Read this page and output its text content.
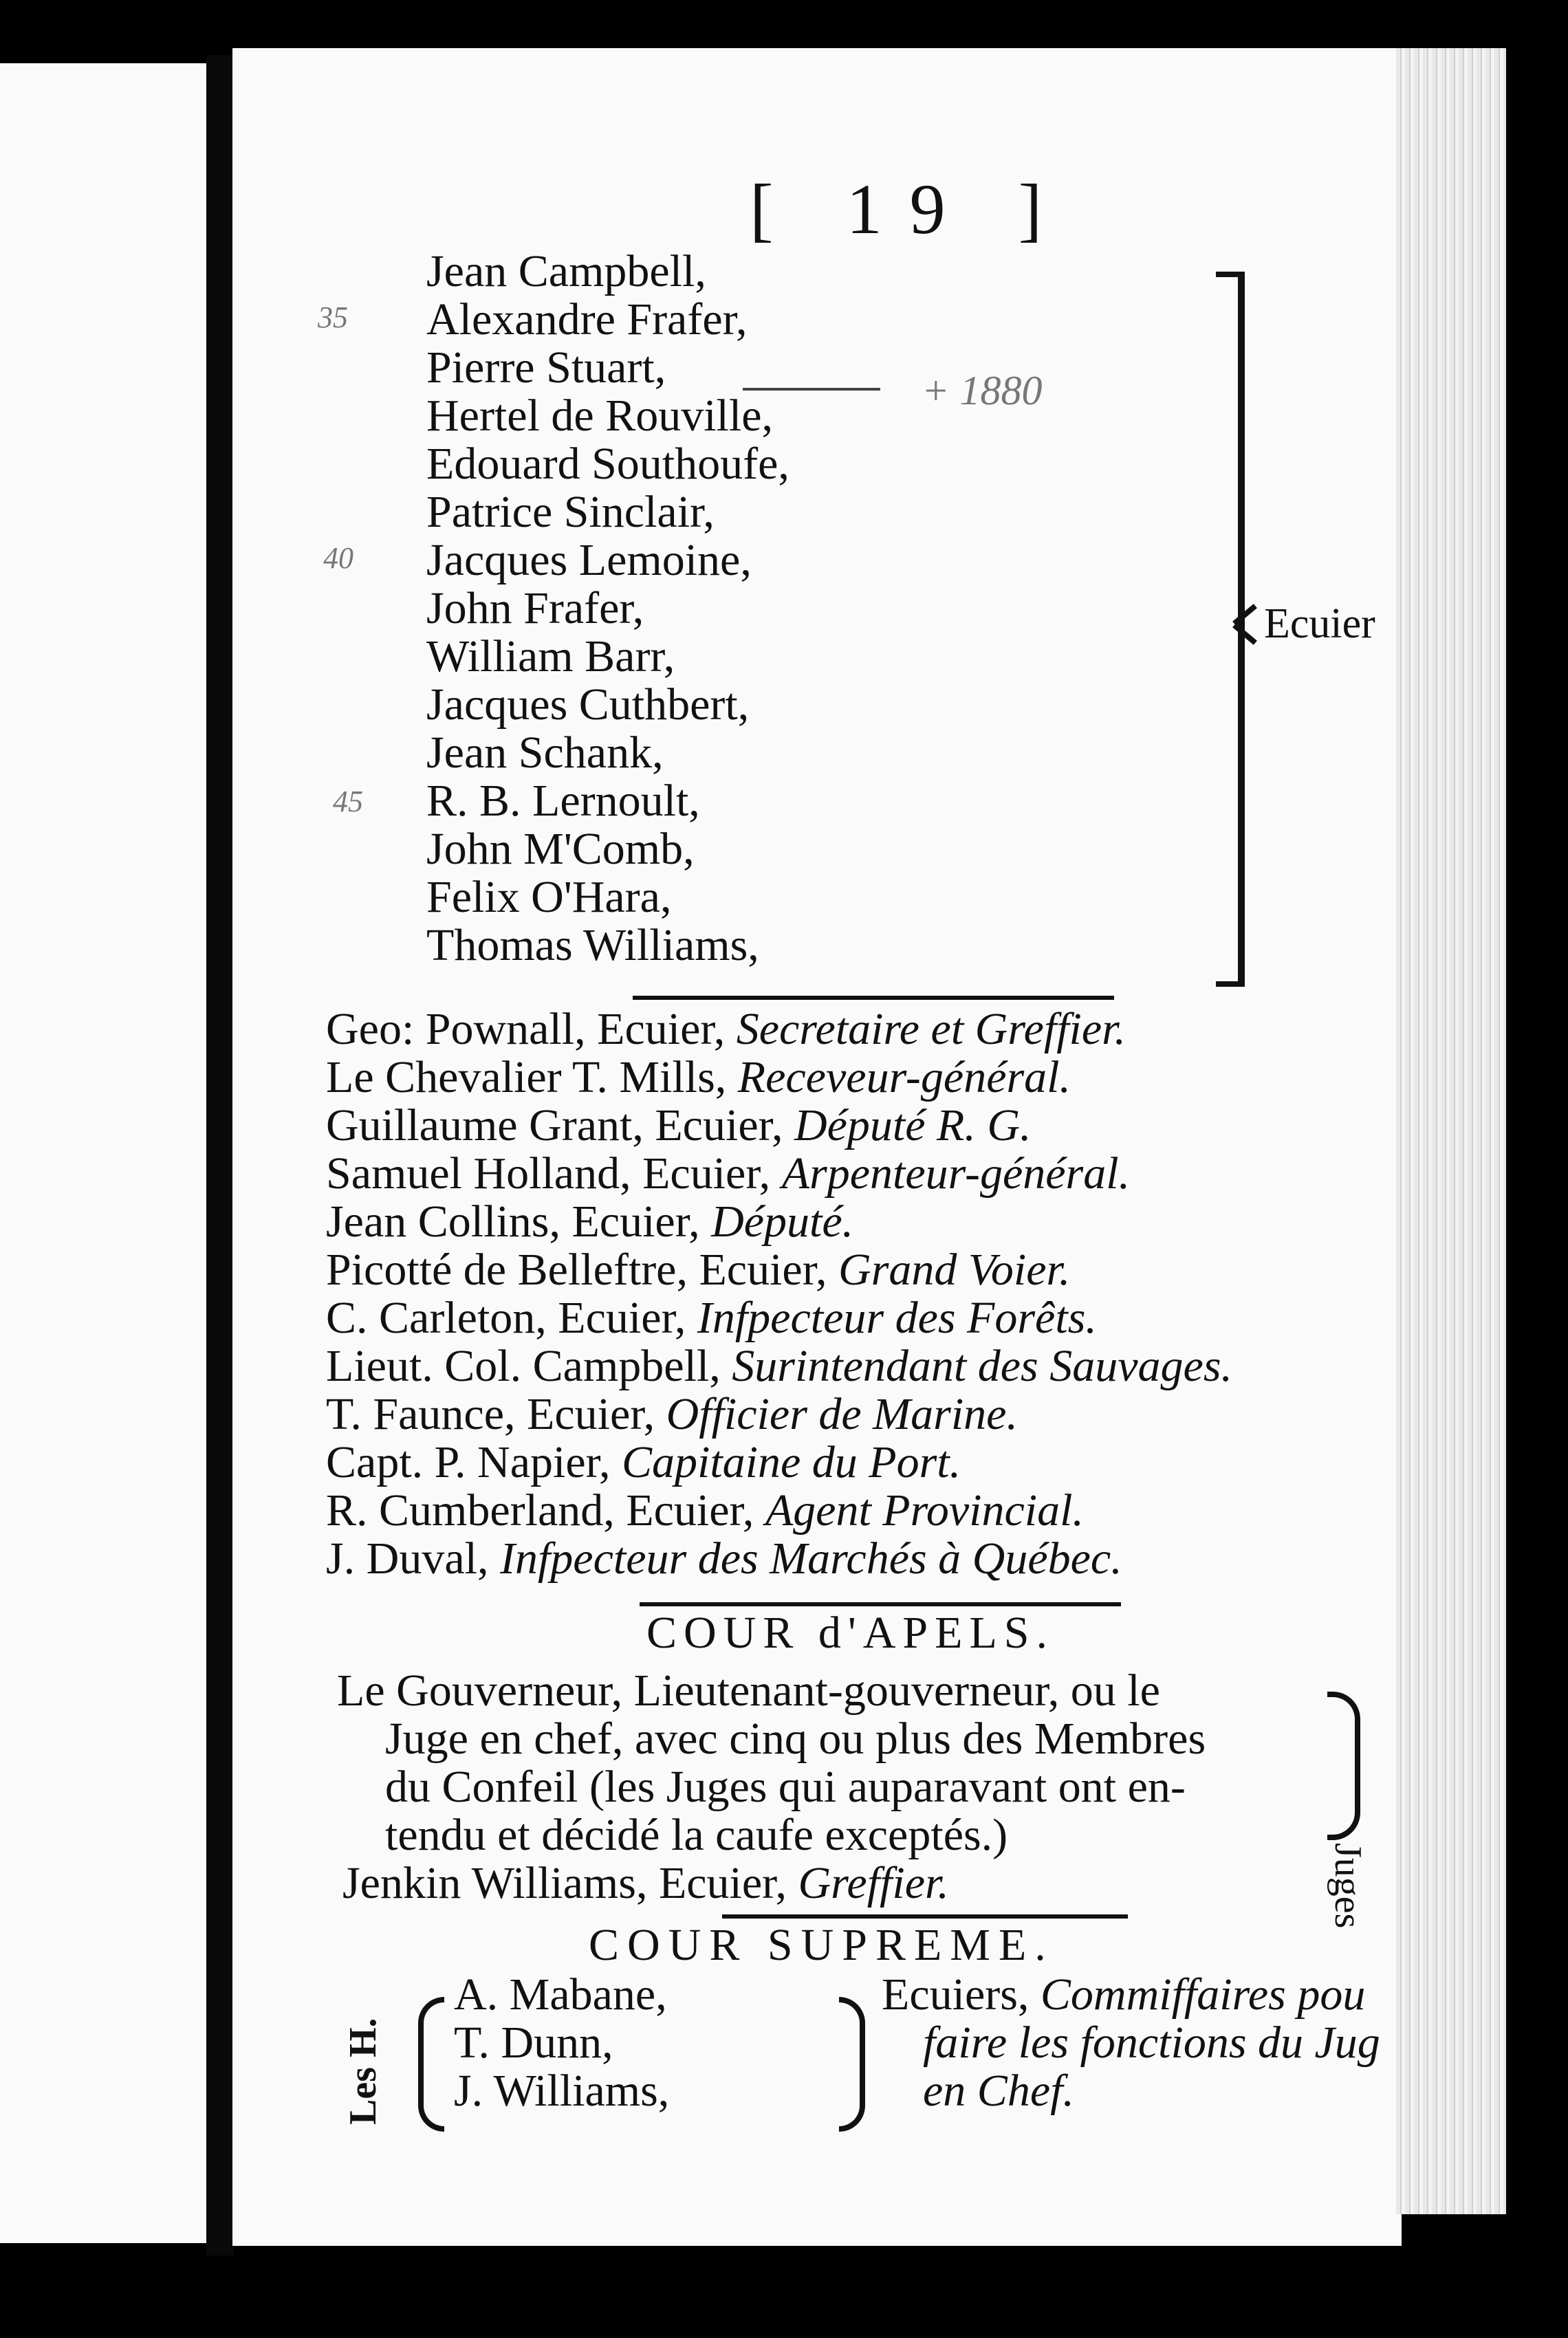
[ 19 ]
35
40
45
+ 1880
Jean Campbell,
Alexandre Frafer,
Pierre Stuart,
Hertel de Rouville,
Edouard Southoufe,
Patrice Sinclair,
Jacques Lemoine,
John Frafer,
William Barr,
Jacques Cuthbert,
Jean Schank,
R. B. Lernoult,
John M'Comb,
Felix O'Hara,
Thomas Williams,
Ecuier
Geo: Pownall, Ecuier, Secretaire et Greffier.
Le Chevalier T. Mills, Receveur-général.
Guillaume Grant, Ecuier, Député R. G.
Samuel Holland, Ecuier, Arpenteur-général.
Jean Collins, Ecuier, Député.
Picotté de Belleftre, Ecuier, Grand Voier.
C. Carleton, Ecuier, Infpecteur des Forêts.
Lieut. Col. Campbell, Surintendant des Sauvages.
T. Faunce, Ecuier, Officier de Marine.
Capt. P. Napier, Capitaine du Port.
R. Cumberland, Ecuier, Agent Provincial.
J. Duval, Infpecteur des Marchés à Québec.
COUR d'APELS.
Le Gouverneur, Lieutenant-gouverneur, ou le
Juge en chef, avec cinq ou plus des Membres
du Confeil (les Juges qui auparavant ont en-
tendu et décidé la caufe exceptés.)
Juges
Jenkin Williams, Ecuier, Greffier.
COUR SUPREME.
Les H.
A. Mabane,
T. Dunn,
J. Williams,
Ecuiers, Commiffaires pou
faire les fonctions du Jug
en Chef.
